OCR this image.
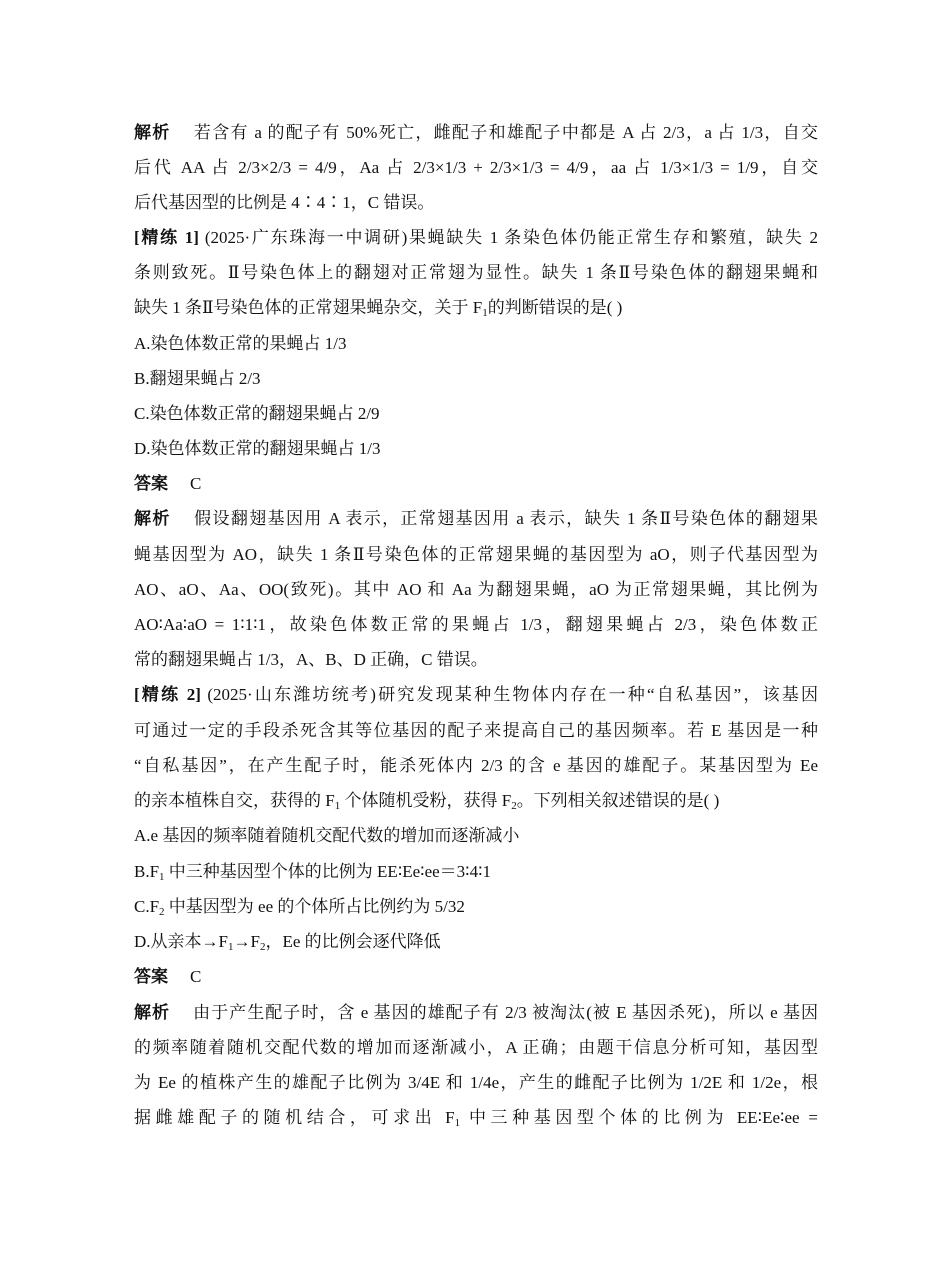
解析 若含有 a 的配子有 50%死亡，雌配子和雄配子中都是 A 占 2/3，a 占 1/3，自交
后代 AA 占 2/3×2/3 = 4/9，Aa 占 2/3×1/3 + 2/3×1/3 = 4/9，aa 占 1/3×1/3 = 1/9，自交
后代基因型的比例是 4∶4∶1，C 错误。
[精练 1] (2025·广东珠海一中调研)果蝇缺失 1 条染色体仍能正常生存和繁殖，缺失 2
条则致死。Ⅱ号染色体上的翻翅对正常翅为显性。缺失 1 条Ⅱ号染色体的翻翅果蝇和
缺失 1 条Ⅱ号染色体的正常翅果蝇杂交，关于 $F_1$的判断错误的是( )
A.染色体数正常的果蝇占 1/3
B.翻翅果蝇占 2/3
C.染色体数正常的翻翅果蝇占 2/9
D.染色体数正常的翻翅果蝇占 1/3
答案 C
解析 假设翻翅基因用 A 表示，正常翅基因用 a 表示，缺失 1 条Ⅱ号染色体的翻翅果
蝇基因型为 AO，缺失 1 条Ⅱ号染色体的正常翅果蝇的基因型为 aO，则子代基因型为
AO、aO、Aa、OO(致死)。其中 AO 和 Aa 为翻翅果蝇，aO 为正常翅果蝇，其比例为
AO∶Aa∶aO = 1∶1∶1，故染色体数正常的果蝇占 1/3，翻翅果蝇占 2/3，染色体数正
常的翻翅果蝇占 1/3，A、B、D 正确，C 错误。
[精练 2] (2025·山东潍坊统考)研究发现某种生物体内存在一种“自私基因”，该基因
可通过一定的手段杀死含其等位基因的配子来提高自己的基因频率。若 E 基因是一种
“自私基因”，在产生配子时，能杀死体内 2/3 的含 e 基因的雄配子。某基因型为 Ee
的亲本植株自交，获得的 $F_1$ 个体随机受粉，获得 $F_2$。下列相关叙述错误的是( )
A.e 基因的频率随着随机交配代数的增加而逐渐减小
$B.F_1$ 中三种基因型个体的比例为 EE∶Ee∶ee＝3∶4∶1
$C.F_2$ 中基因型为 ee 的个体所占比例约为 5/32
D.从亲本$\to F_1\to F_2$，Ee 的比例会逐代降低
答案 C
解析 由于产生配子时，含 e 基因的雄配子有 2/3 被淘汰(被 E 基因杀死)，所以 e 基因
的频率随着随机交配代数的增加而逐渐减小，A 正确；由题干信息分析可知，基因型
为 Ee 的植株产生的雄配子比例为 3/4E 和 1/4e，产生的雌配子比例为 1/2E 和 1/2e，根
据雌雄配子的随机结合，可求出 $F_1$ 中三种基因型个体的比例为 EE∶Ee∶ee =
